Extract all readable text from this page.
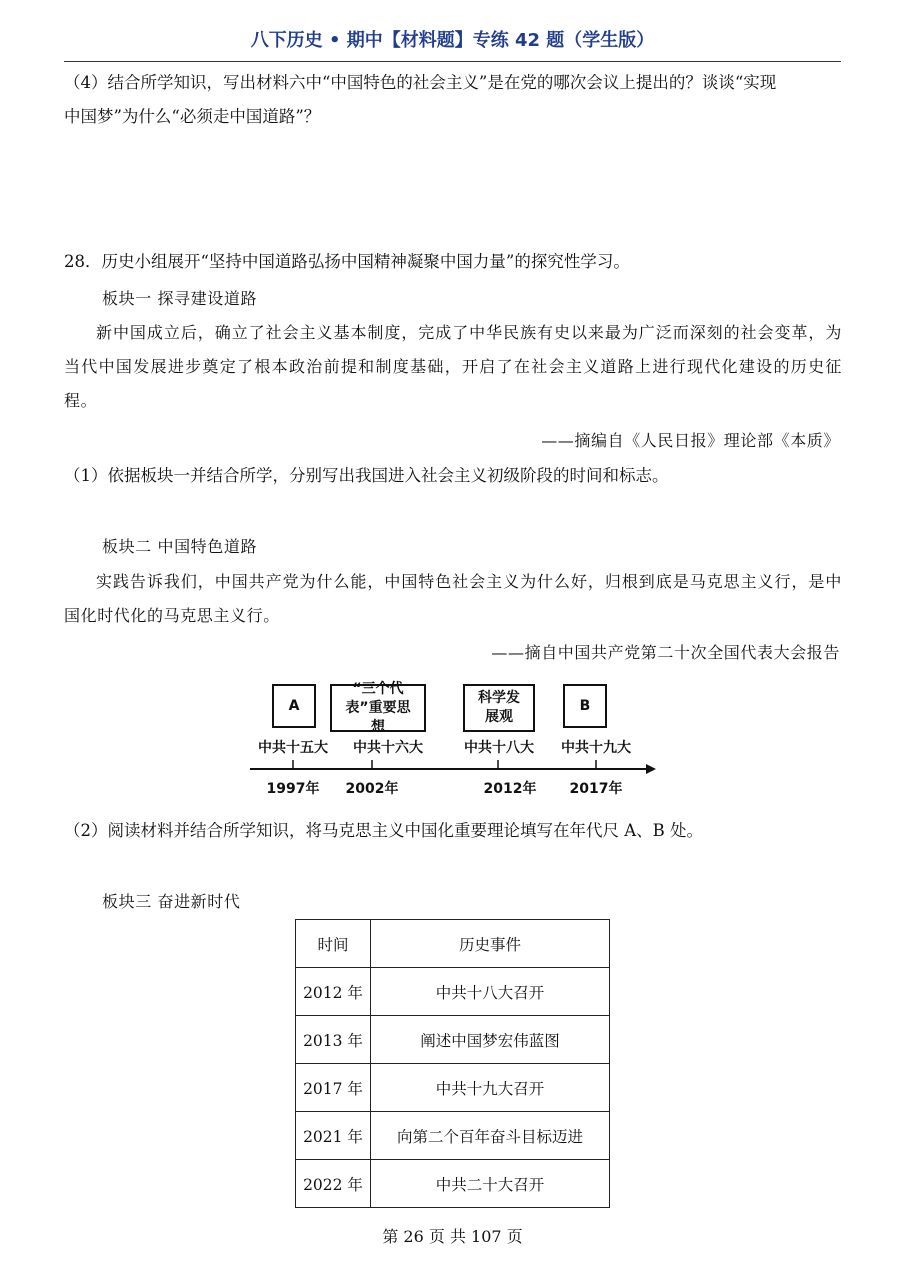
八下历史 • 期中【材料题】专练 42 题（学生版）
（4）结合所学知识，写出材料六中“中国特色的社会主义”是在党的哪次会议上提出的？谈谈“实现
中国梦”为什么“必须走中国道路”？
28．历史小组展开“坚持中国道路弘扬中国精神凝聚中国力量”的探究性学习。
板块一 探寻建设道路
新中国成立后，确立了社会主义基本制度，完成了中华民族有史以来最为广泛而深刻的社会变革，为当代中国发展进步奠定了根本政治前提和制度基础，开启了在社会主义道路上进行现代化建设的历史征程。
——摘编自《人民日报》理论部《本质》
（1）依据板块一并结合所学，分别写出我国进入社会主义初级阶段的时间和标志。
板块二 中国特色道路
实践告诉我们，中国共产党为什么能，中国特色社会主义为什么好，归根到底是马克思主义行，是中国化时代化的马克思主义行。
——摘自中国共产党第二十次全国代表大会报告
A
“三个代表”重要思想
科学发展观
B
中共十五大	中共十六大	中共十八大	中共十九大
1997年	2002年	2012年	2017年
（2）阅读材料并结合所学知识，将马克思主义中国化重要理论填写在年代尺 A、B 处。
板块三 奋进新时代
时间	历史事件
2012 年	中共十八大召开
2013 年	阐述中国梦宏伟蓝图
2017 年	中共十九大召开
2021 年	向第二个百年奋斗目标迈进
2022 年	中共二十大召开
第 26 页 共 107 页
